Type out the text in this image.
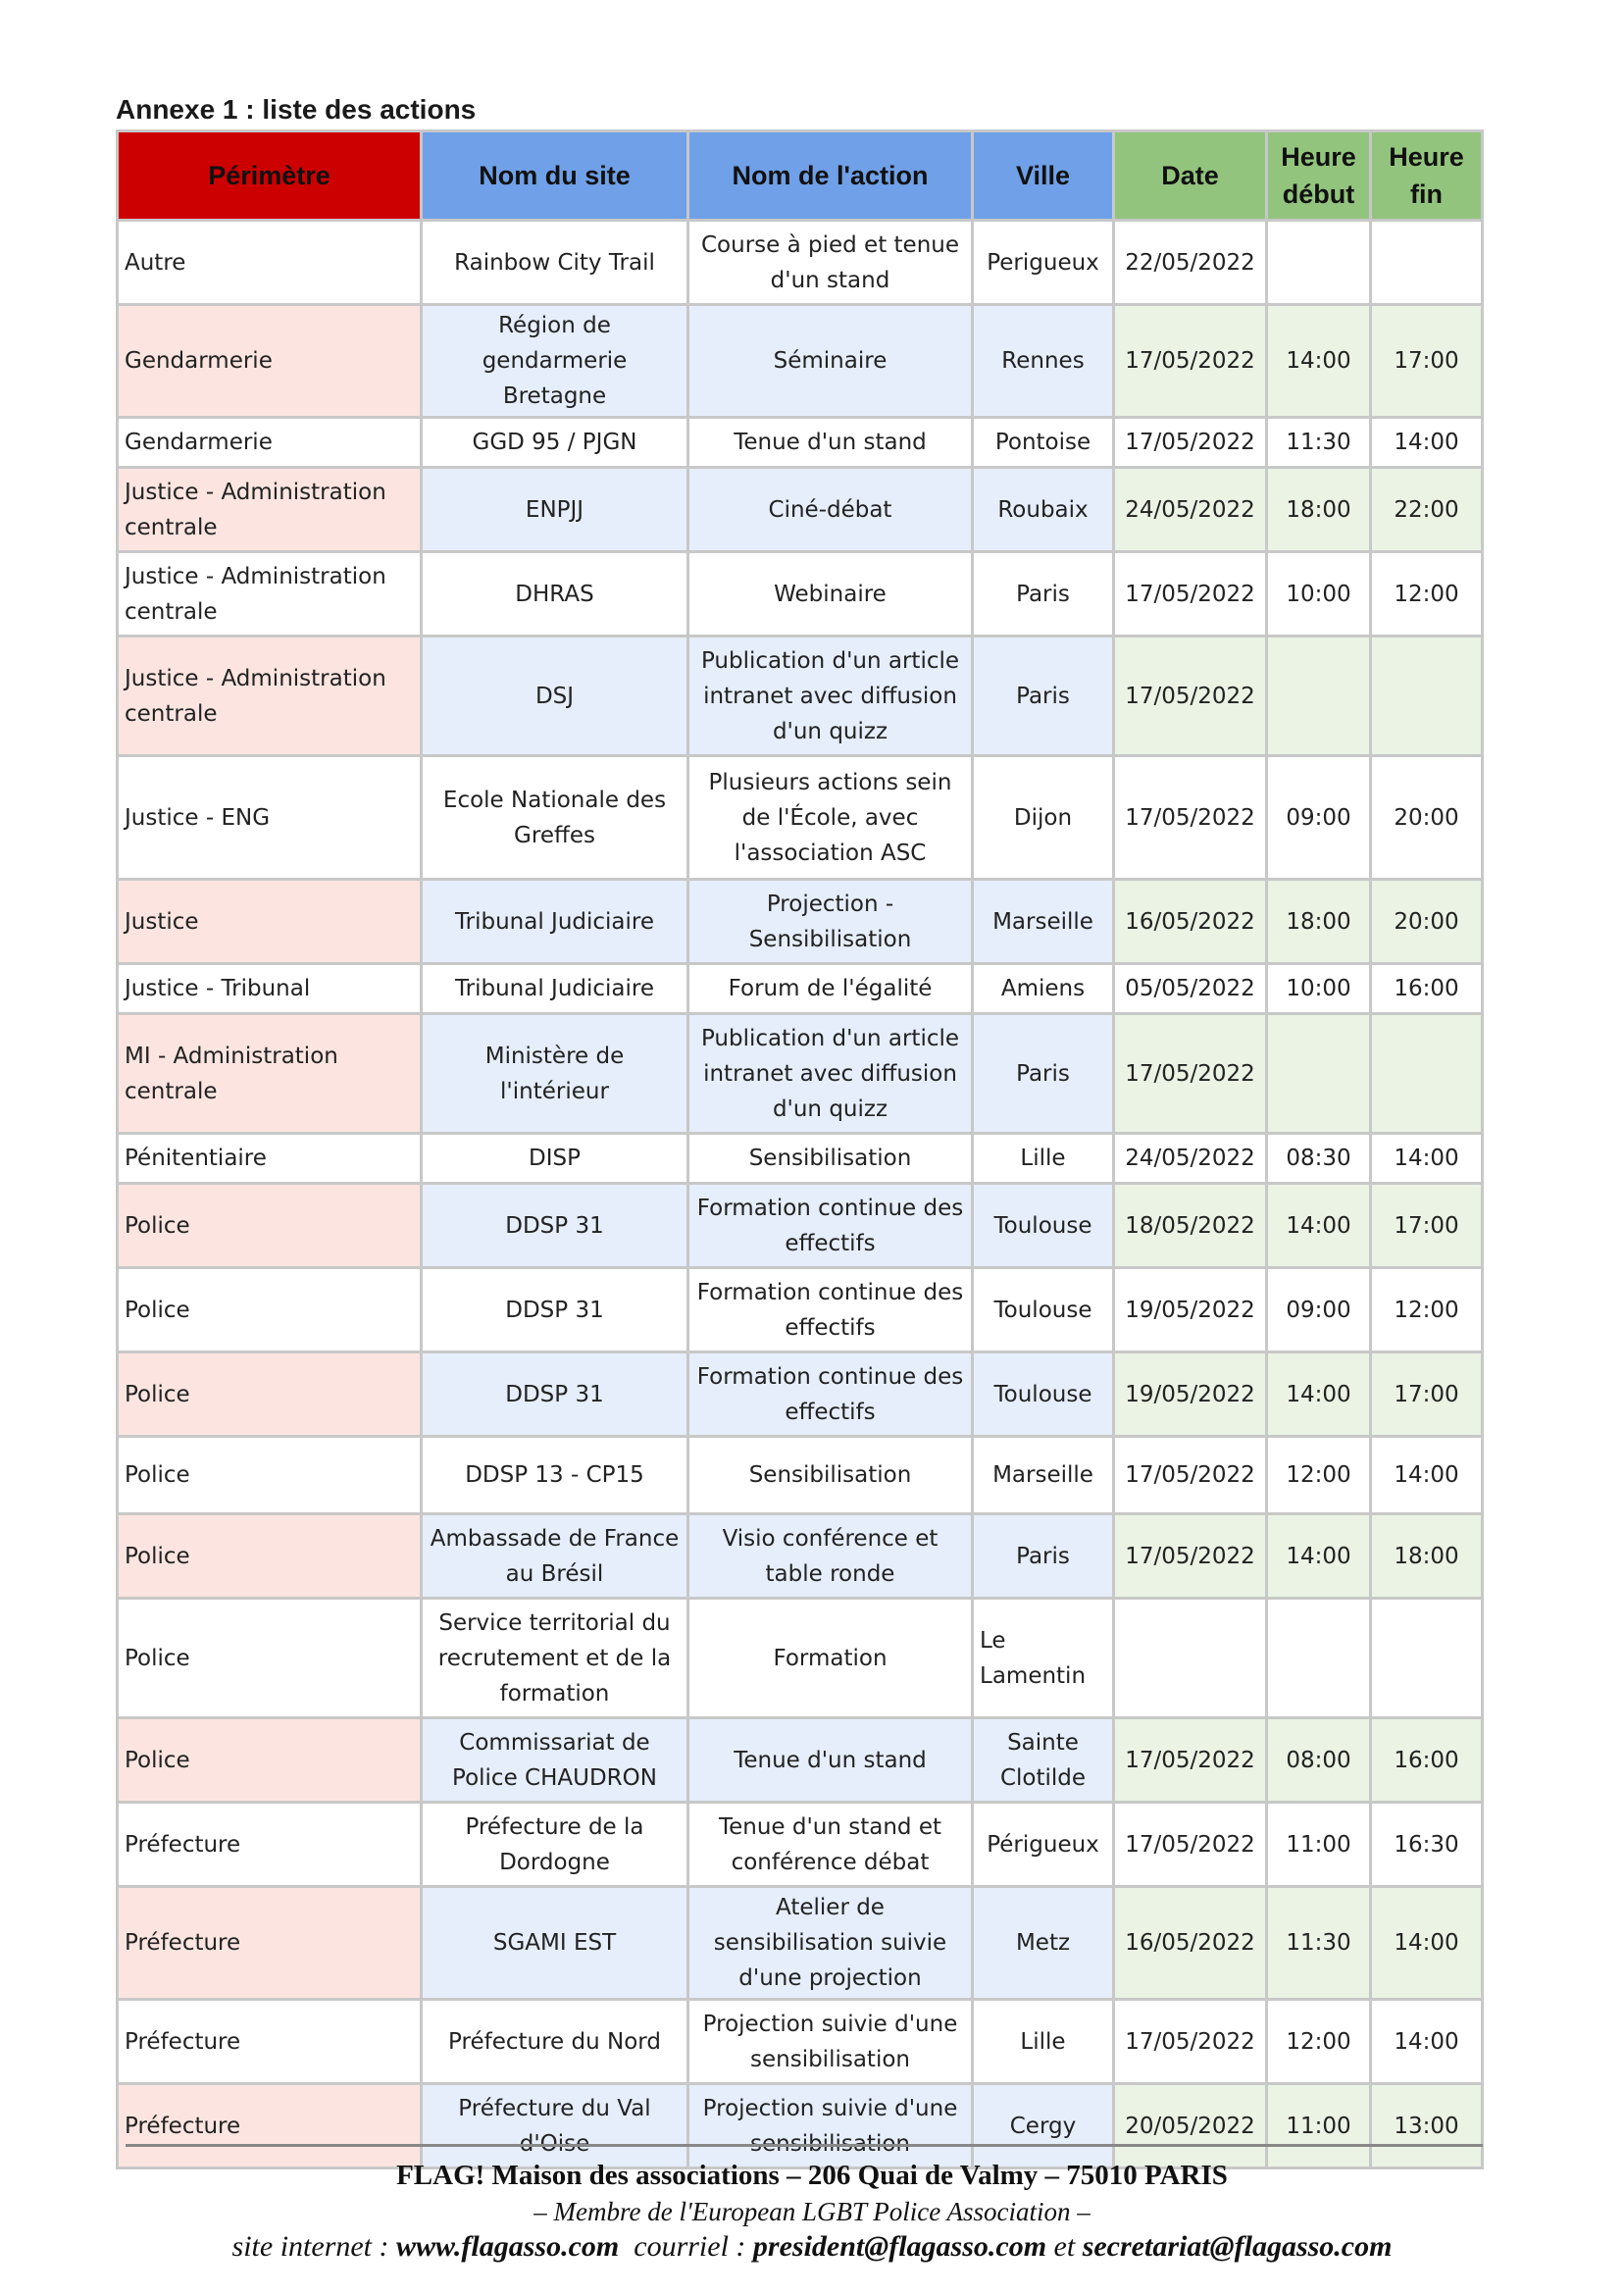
Annexe 1 : liste des actions
Périmètre	Nom du site	Nom de l'action	Ville	Date	Heure début	Heure fin
Autre	Rainbow City Trail	Course à pied et tenue d'un stand	Perigueux	22/05/2022		
Gendarmerie	Région de gendarmerie Bretagne	Séminaire	Rennes	17/05/2022	14:00	17:00
Gendarmerie	GGD 95 / PJGN	Tenue d'un stand	Pontoise	17/05/2022	11:30	14:00
Justice - Administration centrale	ENPJJ	Ciné-débat	Roubaix	24/05/2022	18:00	22:00
Justice - Administration centrale	DHRAS	Webinaire	Paris	17/05/2022	10:00	12:00
Justice - Administration centrale	DSJ	Publication d'un article intranet avec diffusion d'un quizz	Paris	17/05/2022		
Justice - ENG	Ecole Nationale des Greffes	Plusieurs actions sein de l'École, avec l'association ASC	Dijon	17/05/2022	09:00	20:00
Justice	Tribunal Judiciaire	Projection - Sensibilisation	Marseille	16/05/2022	18:00	20:00
Justice - Tribunal	Tribunal Judiciaire	Forum de l'égalité	Amiens	05/05/2022	10:00	16:00
MI - Administration centrale	Ministère de l'intérieur	Publication d'un article intranet avec diffusion d'un quizz	Paris	17/05/2022		
Pénitentiaire	DISP	Sensibilisation	Lille	24/05/2022	08:30	14:00
Police	DDSP 31	Formation continue des effectifs	Toulouse	18/05/2022	14:00	17:00
Police	DDSP 31	Formation continue des effectifs	Toulouse	19/05/2022	09:00	12:00
Police	DDSP 31	Formation continue des effectifs	Toulouse	19/05/2022	14:00	17:00
Police	DDSP 13 - CP15	Sensibilisation	Marseille	17/05/2022	12:00	14:00
Police	Ambassade de France au Brésil	Visio conférence et table ronde	Paris	17/05/2022	14:00	18:00
Police	Service territorial du recrutement et de la formation	Formation	Le Lamentin			
Police	Commissariat de Police CHAUDRON	Tenue d'un stand	Sainte Clotilde	17/05/2022	08:00	16:00
Préfecture	Préfecture de la Dordogne	Tenue d'un stand et conférence débat	Périgueux	17/05/2022	11:00	16:30
Préfecture	SGAMI EST	Atelier de sensibilisation suivie d'une projection	Metz	16/05/2022	11:30	14:00
Préfecture	Préfecture du Nord	Projection suivie d'une sensibilisation	Lille	17/05/2022	12:00	14:00
Préfecture	Préfecture du Val d'Oise	Projection suivie d'une sensibilisation	Cergy	20/05/2022	11:00	13:00
FLAG! Maison des associations – 206 Quai de Valmy – 75010 PARIS
– Membre de l'European LGBT Police Association –
site internet : www.flagasso.com courriel : president@flagasso.com et secretariat@flagasso.com
